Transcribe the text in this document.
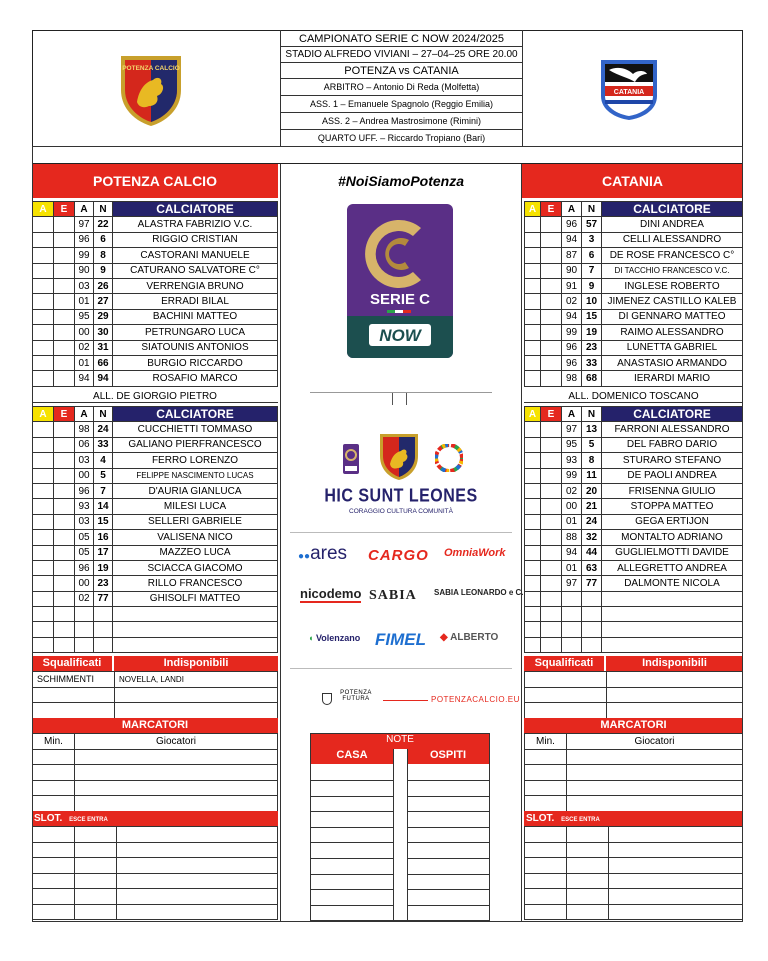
CAMPIONATO SERIE C NOW 2024/2025
STADIO ALFREDO VIVIANI – 27–04–25 ORE 20.00
POTENZA vs CATANIA
ARBITRO – Antonio Di Reda (Molfetta)
ASS. 1 – Emanuele Spagnolo (Reggio Emilia)
ASS. 2 – Andrea Mastrosimone (Rimini)
QUARTO UFF. – Riccardo Tropiano (Bari)
POTENZA CALCIO
CATANIA
POTENZA CALCIO	#NoiSiamoPotenza	CATANIA
A	E	A	N	CALCIATORE
		97	22	ALASTRA FABRIZIO V.C.
		96	6	RIGGIO CRISTIAN
		99	8	CASTORANI MANUELE
		90	9	CATURANO SALVATORE C°
		03	26	VERRENGIA BRUNO
		01	27	ERRADI BILAL
		95	29	BACHINI MATTEO
		00	30	PETRUNGARO LUCA
		02	31	SIATOUNIS ANTONIOS
		01	66	BURGIO RICCARDO
		94	94	ROSAFIO MARCO
ALL. DE GIORGIO PIETRO
A	E	A	N	CALCIATORE
		98	24	CUCCHIETTI TOMMASO
		06	33	GALIANO PIERFRANCESCO
		03	4	FERRO LORENZO
		00	5	FELIPPE NASCIMENTO LUCAS
		96	7	D'AURIA GIANLUCA
		93	14	MILESI LUCA
		03	15	SELLERI GABRIELE
		05	16	VALISENA NICO
		05	17	MAZZEO LUCA
		96	19	SCIACCA GIACOMO
		00	23	RILLO FRANCESCO
		02	77	GHISOLFI MATTEO

Squalificati	Indisponibili
SCHIMMENTI	NOVELLA, LANDI

MARCATORI
Min.	Giocatori

SLOT. ESCE ENTRA

A	E	A	N	CALCIATORE
		96	57	DINI ANDREA
		94	3	CELLI ALESSANDRO
		87	6	DE ROSE FRANCESCO C°
		90	7	DI TACCHIO FRANCESCO V.C.
		91	9	INGLESE ROBERTO
		02	10	JIMENEZ CASTILLO KALEB
		94	15	DI GENNARO MATTEO
		99	19	RAIMO ALESSANDRO
		96	23	LUNETTA GABRIEL
		96	33	ANASTASIO ARMANDO
		98	68	IERARDI MARIO
ALL. DOMENICO TOSCANO
A	E	A	N	CALCIATORE
		97	13	FARRONI ALESSANDRO
		95	5	DEL FABRO DARIO
		93	8	STURARO STEFANO
		99	11	DE PAOLI ANDREA
		02	20	FRISENNA GIULIO
		00	21	STOPPA MATTEO
		01	24	GEGA ERTIJON
		88	32	MONTALTO ADRIANO
		94	44	GUGLIELMOTTI DAVIDE
		01	63	ALLEGRETTO ANDREA
		97	77	DALMONTE NICOLA

Squalificati	Indisponibili

MARCATORI
Min.	Giocatori

SLOT. ESCE ENTRA

SERIE C
NOW
HIC SUNT LEONES
CORAGGIO CULTURA COMUNITÀ
●●ares CARGO OmniaWork
nicodemo SABIA SABIA LEONARDO e C.
◖ Volenzano FIMEL ◆ ALBERTO
POTENZA FUTURA	POTENZACALCIO.EU
NOTE
CASA	OSPITI
